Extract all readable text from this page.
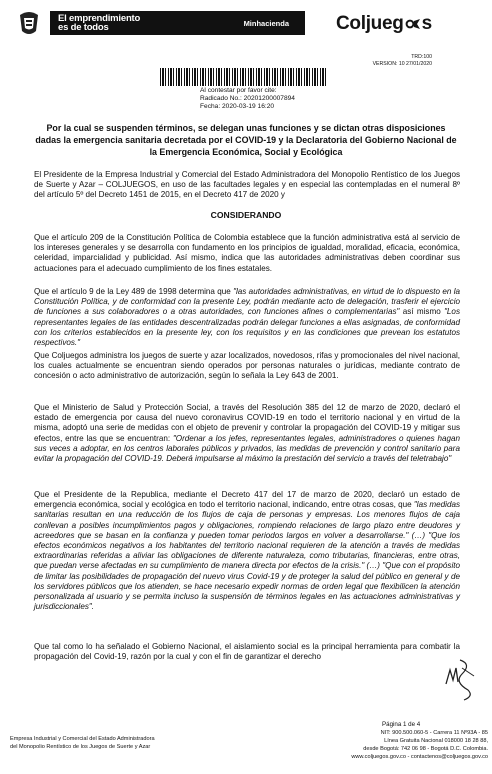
El emprendimiento
es de todos	Minhacienda Coljueg s
TRD:100
VERSION: 10 27/01/2020
Al contestar por favor cite:
Radicado No.: 20201200007894
Fecha: 2020-03-19 16:20
Por la cual se suspenden términos, se delegan unas funciones y se dictan otras disposiciones dadas la emergencia sanitaria decretada por el COVID-19 y la Declaratoria del Gobierno Nacional de la Emergencia Económica, Social y Ecológica
El Presidente de la Empresa Industrial y Comercial del Estado Administradora del Monopolio Rentístico de los Juegos de Suerte y Azar – COLJUEGOS, en uso de las facultades legales y en especial las contempladas en el numeral 8º del artículo 5º del Decreto 1451 de 2015, en el Decreto 417 de 2020 y
CONSIDERANDO
Que el artículo 209 de la Constitución Política de Colombia establece que la función administrativa está al servicio de los intereses generales y se desarrolla con fundamento en los principios de igualdad, moralidad, eficacia, económica, celeridad, imparcialidad y publicidad. Así mismo, indica que las autoridades administrativas deben coordinar sus actuaciones para el adecuado cumplimiento de los fines estatales.
Que el artículo 9 de la Ley 489 de 1998 determina que "las autoridades administrativas, en virtud de lo dispuesto en la Constitución Política, y de conformidad con la presente Ley, podrán mediante acto de delegación, trasferir el ejercicio de funciones a sus colaboradores o a otras autoridades, con funciones afines o complementarias" así mismo "Los representantes legales de las entidades descentralizadas podrán delegar funciones a ellas asignadas, de conformidad con los criterios establecidos en la presente ley, con los requisitos y en las condiciones que prevean los estatutos respectivos."
Que Coljuegos administra los juegos de suerte y azar localizados, novedosos, rifas y promocionales del nivel nacional, los cuales actualmente se encuentran siendo operados por personas naturales o jurídicas, mediante contrato de concesión o acto administrativo de autorización, según lo señala la Ley 643 de 2001.
Que el Ministerio de Salud y Protección Social, a través del Resolución 385 del 12 de marzo de 2020, declaró el estado de emergencia por causa del nuevo coronavirus COVID-19 en todo el territorio nacional y en virtud de la misma, adoptó una serie de medidas con el objeto de prevenir y controlar la propagación del COVID-19 y mitigar sus efectos, entre las que se encuentran: "Ordenar a los jefes, representantes legales, administradores o quienes hagan sus veces a adoptar, en los centros laborales públicos y privados, las medidas de prevención y control sanitario para evitar la propagación del COVID-19. Deberá impulsarse al máximo la prestación del servicio a través del teletrabajo"
Que el Presidente de la Republica, mediante el Decreto 417 del 17 de marzo de 2020, declaró un estado de emergencia económica, social y ecológica en todo el territorio nacional, indicando, entre otras cosas, que "las medidas sanitarias resultan en una reducción de los flujos de caja de personas y empresas. Los menores flujos de caja conllevan a posibles incumplimientos pagos y obligaciones, rompiendo relaciones de largo plazo entre deudores y acreedores que se basan en la confianza y pueden tomar periodos largos en volver a desarrollarse." (…) "Que los efectos económicos negativos a los habitantes del territorio nacional requieren de la atención a través de medidas extraordinarias referidas a aliviar las obligaciones de diferente naturaleza, como tributarias, financieras, entre otras, que puedan verse afectadas en su cumplimiento de manera directa por efectos de la crisis." (…) "Que con el propósito de limitar las posibilidades de propagación del nuevo virus Covid-19 y de proteger la salud del público en general y de los servidores públicos que los atienden, se hace necesario expedir normas de orden legal que flexibilicen la atención personalizada al usuario y se permita incluso la suspensión de términos legales en las actuaciones administrativas y jurisdiccionales".
Que tal como lo ha señalado el Gobierno Nacional, el aislamiento social es la principal herramienta para combatir la propagación del Covid-19, razón por la cual y con el fin de garantizar el derecho
Página 1 de 4
Empresa Industrial y Comercial del Estado Administradora
del Monopolio Rentístico de los Juegos de Suerte y Azar
NIT: 900.500.060-5 - Carrera 11 Nº93A - 85
Línea Gratuita Nacional 018000 18 28 88,
desde Bogotá: 742 06 98 - Bogotá D.C. Colombia.
www.coljuegos.gov.co - contactenos@coljuegos.gov.co
